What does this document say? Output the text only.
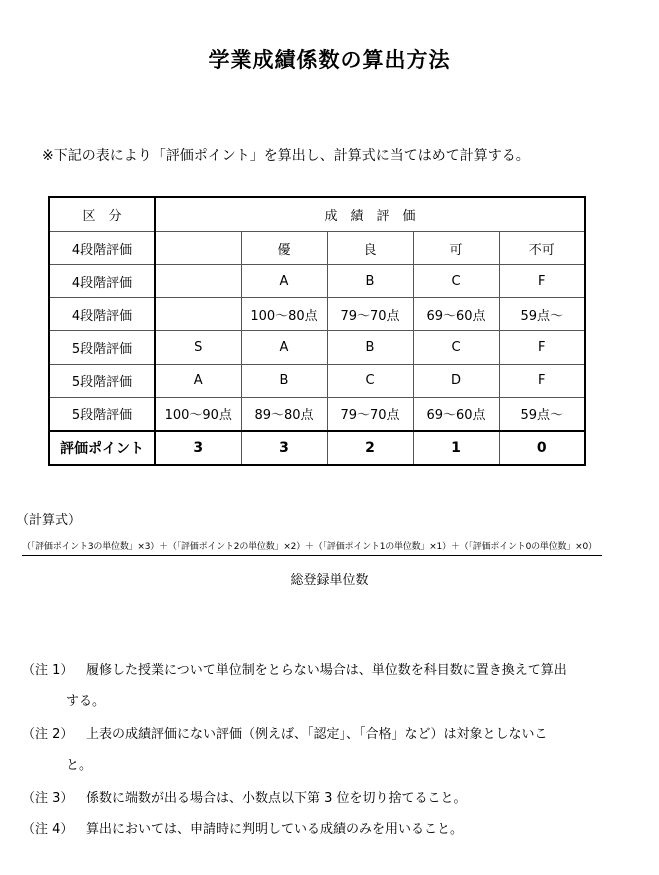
学業成績係数の算出方法
※下記の表により「評価ポイント」を算出し、計算式に当てはめて計算する。
区　分	成　績　評　価				
4段階評価		優	良	可	不可
4段階評価		A	B	C	F
4段階評価		100～80点	79～70点	69～60点	59点～
5段階評価	S	A	B	C	F
5段階評価	A	B	C	D	F
5段階評価	100～90点	89～80点	79～70点	69～60点	59点～
評価ポイント	3	3	2	1	0
（計算式）
（「評価ポイント3の単位数」×3）＋（「評価ポイント2の単位数」×2）＋（「評価ポイント1の単位数」×1）＋（「評価ポイント0の単位数」×0）
総登録単位数
（注 1） 履修した授業について単位制をとらない場合は、単位数を科目数に置き換えて算出
する。
（注 2） 上表の成績評価にない評価（例えば、「認定」、「合格」など）は対象としないこ
と。
（注 3） 係数に端数が出る場合は、小数点以下第 3 位を切り捨てること。
（注 4） 算出においては、申請時に判明している成績のみを用いること。
